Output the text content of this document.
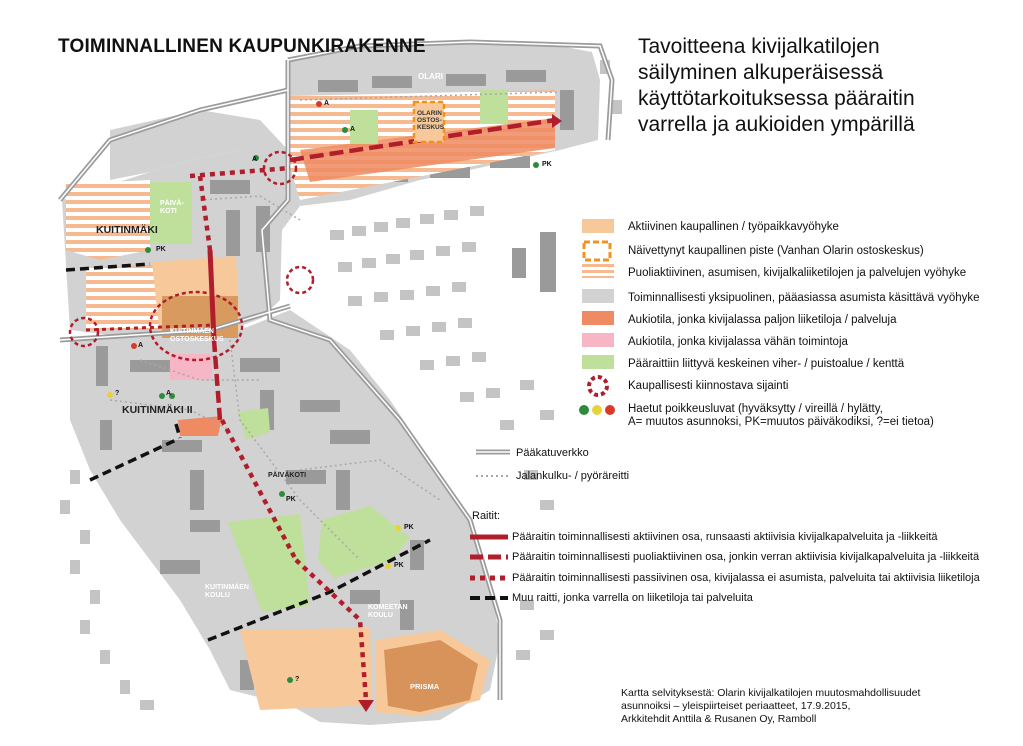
OLARI
OLARIN
OSTOS-
KESKUS
PÄIVÄ-
KOTI
KUITINMÄKI
KUITINMÄEN
OSTOSKESKUS
KUITINMÄKI II
PÄIVÄKOTI
KUITINMÄEN
KOULU
KOMEETAN
KOULU
PRISMA
PK
PK
PK
PK
PK
A
A
A
A
A
?
?
TOIMINNALLINEN KAUPUNKIRAKENNE	Tavoitteena kivijalkatilojen
säilyminen alkuperäisessä
käyttötarkoituksessa pääraitin
varrella ja aukioiden ympärillä
Aktiivinen kaupallinen / työpaikkavyöhyke
Näivettynyt kaupallinen piste (Vanhan Olarin ostoskeskus)
Puoliaktiivinen, asumisen, kivijalkaliiketilojen ja palvelujen vyöhyke
Toiminnallisesti yksipuolinen, pääasiassa asumista käsittävä vyöhyke
Aukiotila, jonka kivijalassa paljon liiketiloja / palveluja
Aukiotila, jonka kivijalassa vähän toimintoja
Pääraittiin liittyvä keskeinen viher- / puistoalue / kenttä
Kaupallisesti kiinnostava sijainti
Haetut poikkeusluvat (hyväksytty / vireillä / hylätty,
A= muutos asunnoksi, PK=muutos päiväkodiksi, ?=ei tietoa)
Pääkatuverkko
Jalankulku- / pyöräreitti
Raitit:
Pääraitin toiminnallisesti aktiivinen osa, runsaasti aktiivisia kivijalkapalveluita ja -liikkeitä
Pääraitin toiminnallisesti puoliaktiivinen osa, jonkin verran aktiivisia kivijalkapalveluita ja -liikkeitä
Pääraitin toiminnallisesti passiivinen osa, kivijalassa ei asumista, palveluita tai aktiivisia liiketiloja
Muu raitti, jonka varrella on liiketiloja tai palveluita
Kartta selvityksestä: Olarin kivijalkatilojen muutosmahdollisuudet
asunnoiksi – yleispiirteiset periaatteet, 17.9.2015,
Arkkitehdit Anttila & Rusanen Oy, Ramboll
